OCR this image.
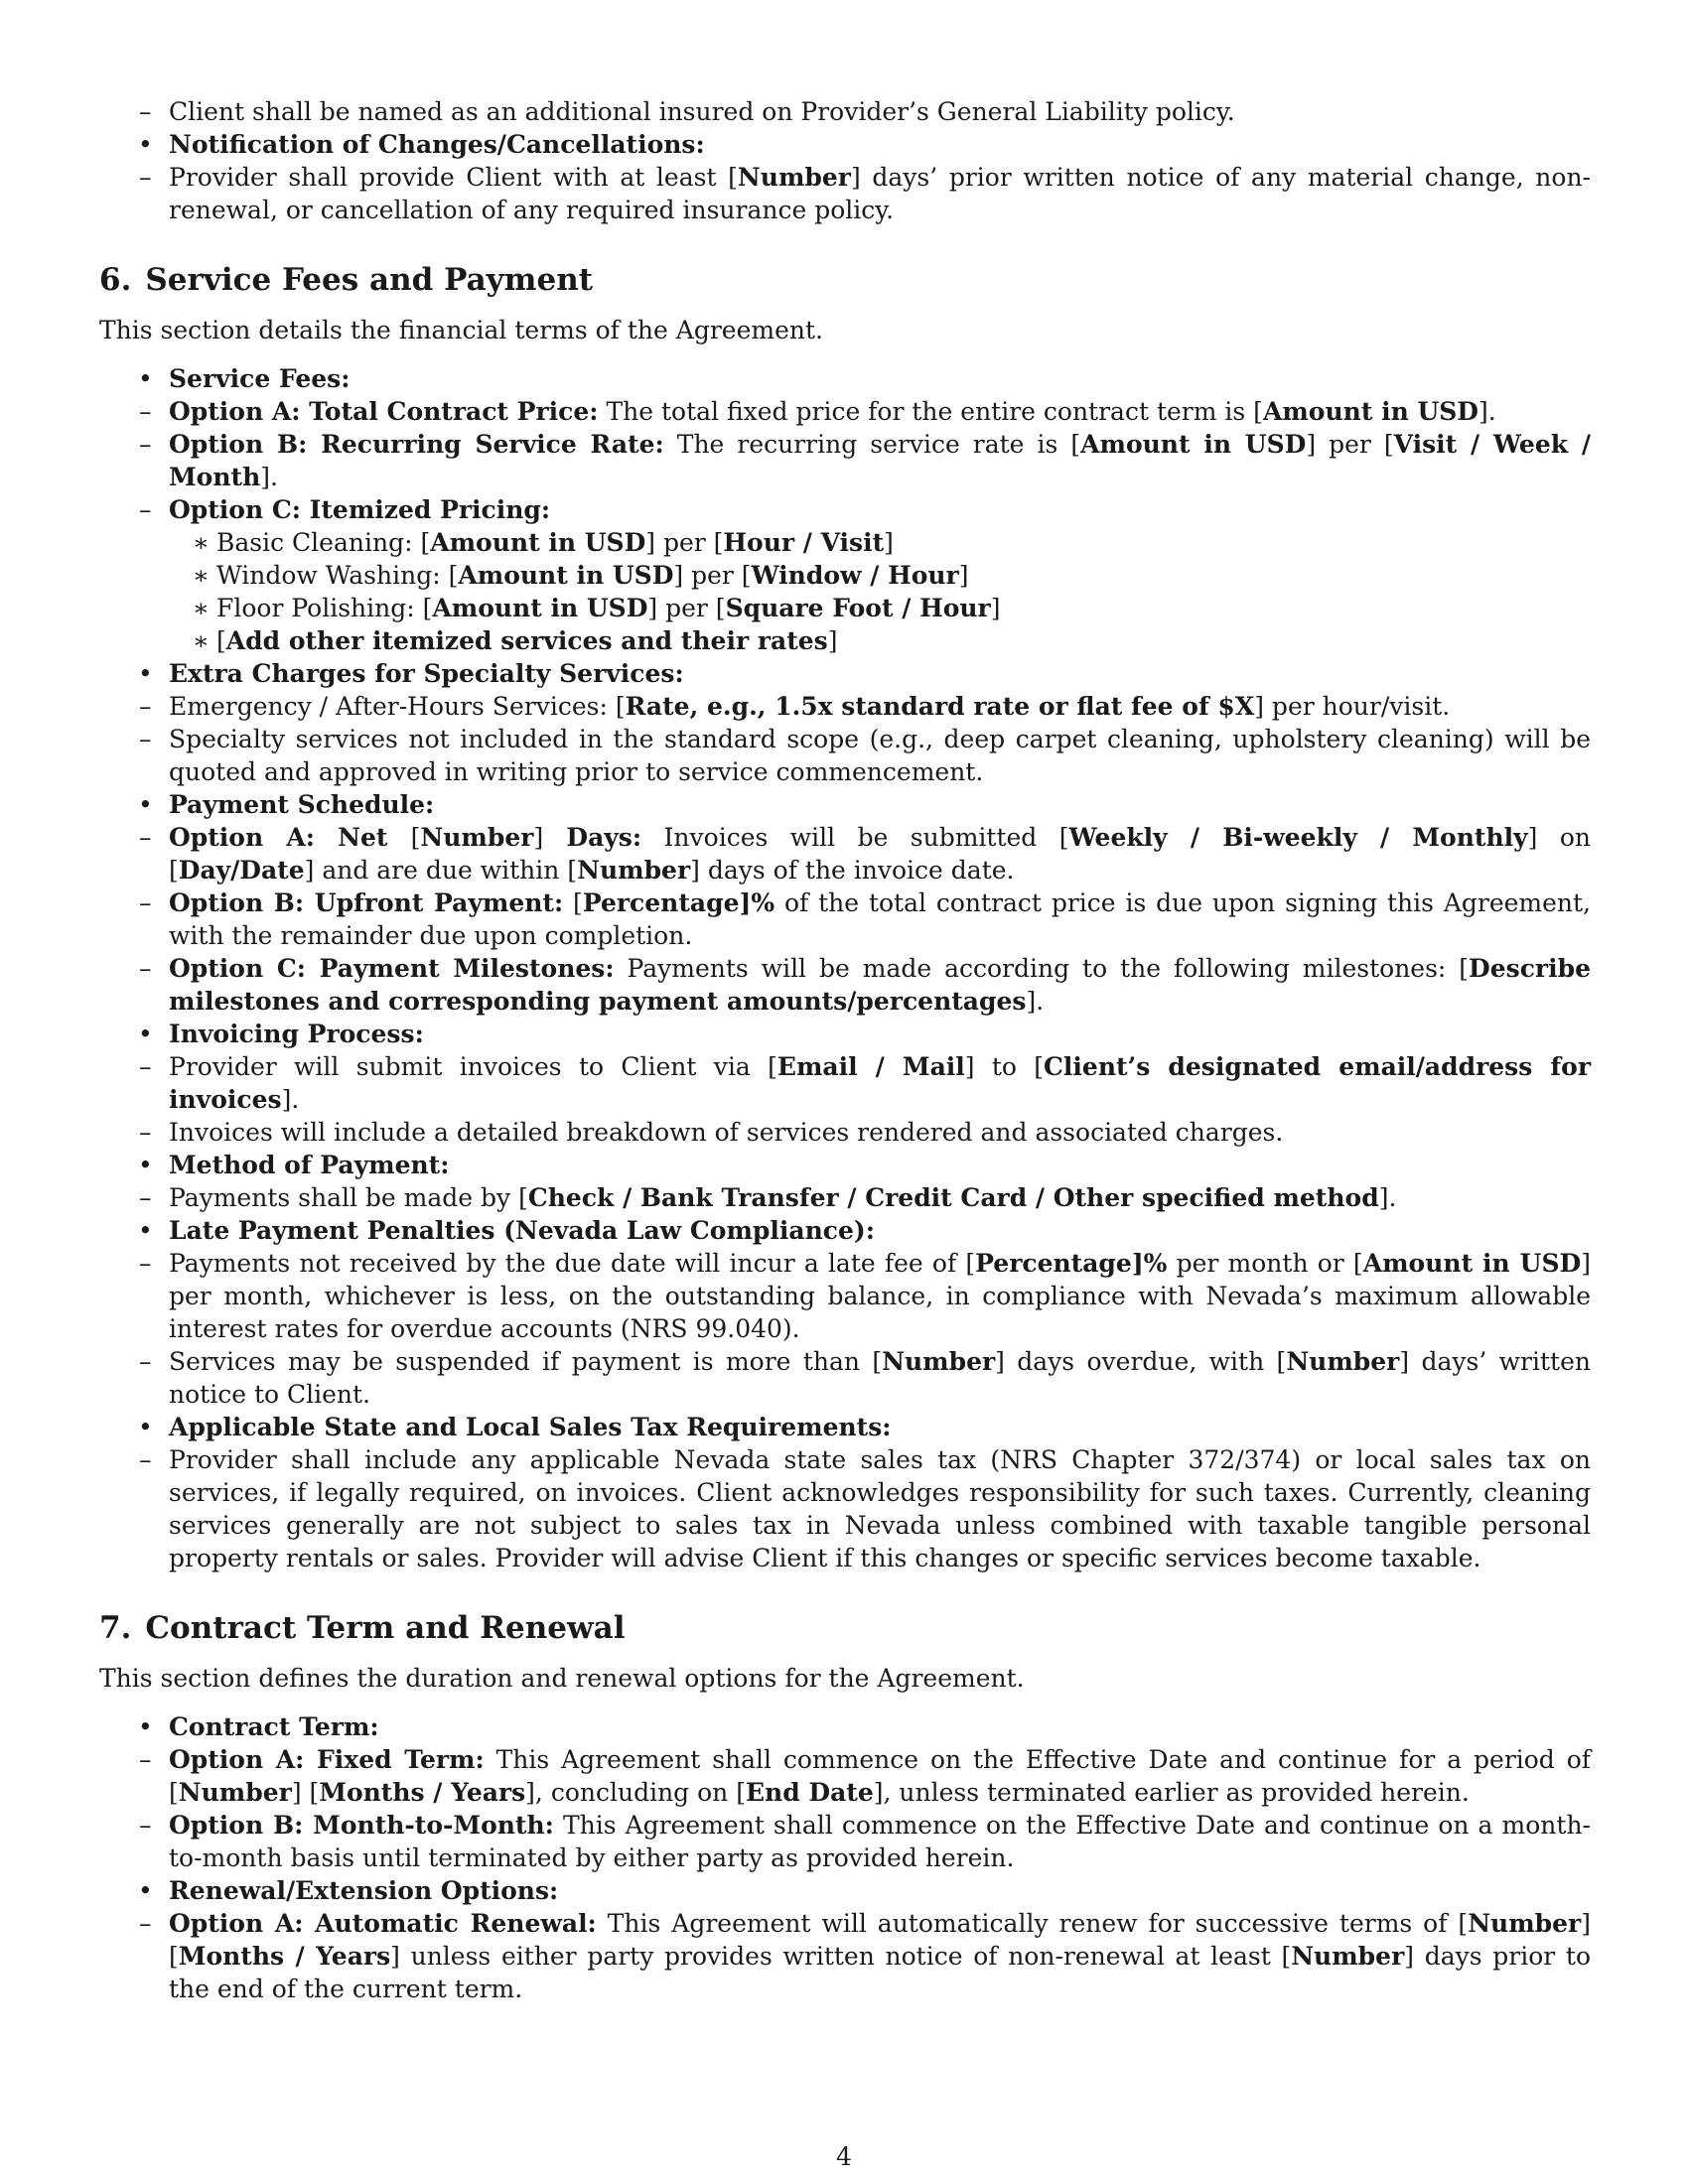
– Client shall be named as an additional insured on Provider’s General Liability policy.
• Notification of Changes/Cancellations:
– Provider shall provide Client with at least [Number] days’ prior written notice of any material change, non-renewal, or cancellation of any required insurance policy.
6. Service Fees and Payment

This section details the financial terms of the Agreement.

• Service Fees:
– Option A: Total Contract Price: The total fixed price for the entire contract term is [Amount in USD].
– Option B: Recurring Service Rate: The recurring service rate is [Amount in USD] per [Visit / Week / Month].
– Option C: Itemized Pricing:
∗ Basic Cleaning: [Amount in USD] per [Hour / Visit]
∗ Window Washing: [Amount in USD] per [Window / Hour]
∗ Floor Polishing: [Amount in USD] per [Square Foot / Hour]
∗ [Add other itemized services and their rates]
• Extra Charges for Specialty Services:
– Emergency / After-Hours Services: [Rate, e.g., 1.5x standard rate or flat fee of $X] per hour/visit.
– Specialty services not included in the standard scope (e.g., deep carpet cleaning, upholstery cleaning) will be quoted and approved in writing prior to service commencement.
• Payment Schedule:
– Option A: Net [Number] Days: Invoices will be submitted [Weekly / Bi-weekly / Monthly] on [Day/Date] and are due within [Number] days of the invoice date.
– Option B: Upfront Payment: [Percentage]% of the total contract price is due upon signing this Agreement, with the remainder due upon completion.
– Option C: Payment Milestones: Payments will be made according to the following milestones: [Describe milestones and corresponding payment amounts/percentages].
• Invoicing Process:
– Provider will submit invoices to Client via [Email / Mail] to [Client’s designated email/address for invoices].
– Invoices will include a detailed breakdown of services rendered and associated charges.
• Method of Payment:
– Payments shall be made by [Check / Bank Transfer / Credit Card / Other specified method].
• Late Payment Penalties (Nevada Law Compliance):
– Payments not received by the due date will incur a late fee of [Percentage]% per month or [Amount in USD] per month, whichever is less, on the outstanding balance, in compliance with Nevada’s maximum allowable interest rates for overdue accounts (NRS 99.040).
– Services may be suspended if payment is more than [Number] days overdue, with [Number] days’ written notice to Client.
• Applicable State and Local Sales Tax Requirements:
– Provider shall include any applicable Nevada state sales tax (NRS Chapter 372/374) or local sales tax on services, if legally required, on invoices. Client acknowledges responsibility for such taxes. Currently, cleaning services generally are not subject to sales tax in Nevada unless combined with taxable tangible personal property rentals or sales. Provider will advise Client if this changes or specific services become taxable.
7. Contract Term and Renewal

This section defines the duration and renewal options for the Agreement.

• Contract Term:
– Option A: Fixed Term: This Agreement shall commence on the Effective Date and continue for a period of [Number] [Months / Years], concluding on [End Date], unless terminated earlier as provided herein.
– Option B: Month-to-Month: This Agreement shall commence on the Effective Date and continue on a month-to-month basis until terminated by either party as provided herein.
• Renewal/Extension Options:
– Option A: Automatic Renewal: This Agreement will automatically renew for successive terms of [Number] [Months / Years] unless either party provides written notice of non-renewal at least [Number] days prior to the end of the current term.
4
